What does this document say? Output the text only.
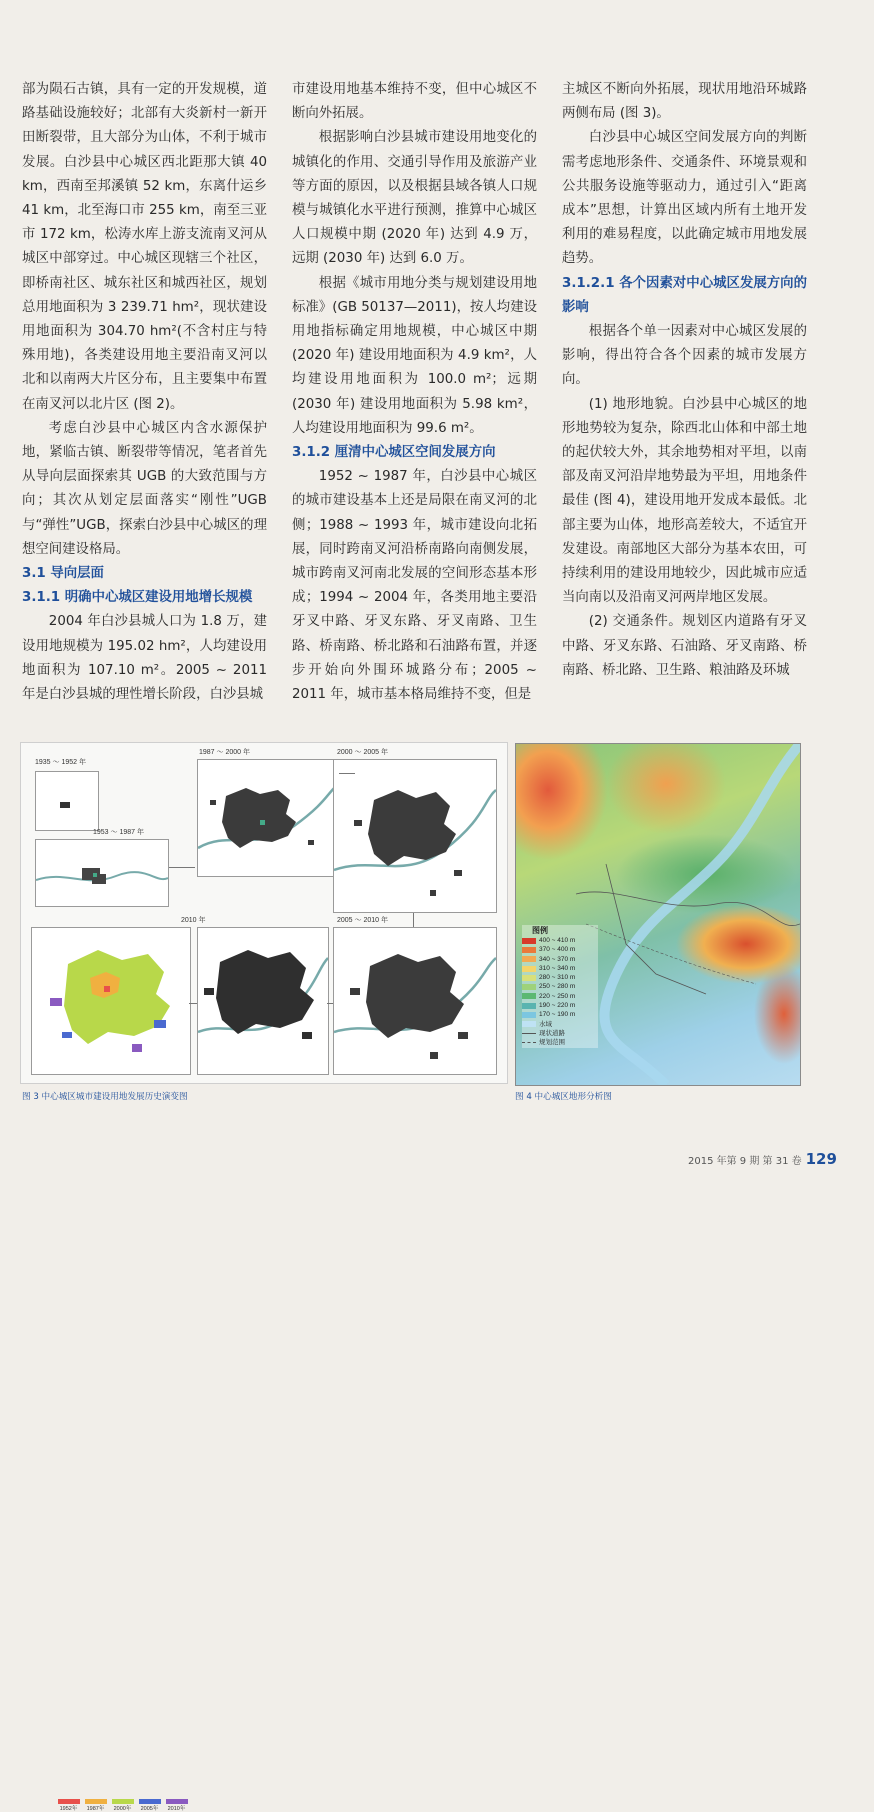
部为陨石古镇，具有一定的开发规模，道路基础设施较好；北部有大炎新村一新开田断裂带，且大部分为山体，不利于城市发展。白沙县中心城区西北距那大镇 40 km，西南至邦溪镇 52 km，东离什运乡 41 km，北至海口市 255 km，南至三亚市 172 km，松涛水库上游支流南叉河从城区中部穿过。中心城区现辖三个社区，即桥南社区、城东社区和城西社区，规划总用地面积为 3 239.71 hm²，现状建设用地面积为 304.70 hm²(不含村庄与特殊用地)，各类建设用地主要沿南叉河以北和以南两大片区分布，且主要集中布置在南叉河以北片区 (图 2)。

考虑白沙县中心城区内含水源保护地，紧临古镇、断裂带等情况，笔者首先从导向层面探索其 UGB 的大致范围与方向；其次从划定层面落实“刚性”UGB 与“弹性”UGB，探索白沙县中心城区的理想空间建设格局。

3.1 导向层面

3.1.1 明确中心城区建设用地增长规模

2004 年白沙县城人口为 1.8 万，建设用地规模为 195.02 hm²，人均建设用地面积为 107.10 m²。2005 ~ 2011 年是白沙县城的理性增长阶段，白沙县城

市建设用地基本维持不变，但中心城区不断向外拓展。

根据影响白沙县城市建设用地变化的城镇化的作用、交通引导作用及旅游产业等方面的原因，以及根据县域各镇人口规模与城镇化水平进行预测，推算中心城区人口规模中期 (2020 年) 达到 4.9 万，远期 (2030 年) 达到 6.0 万。

根据《城市用地分类与规划建设用地标准》(GB 50137—2011)，按人均建设用地指标确定用地规模，中心城区中期 (2020 年) 建设用地面积为 4.9 km²，人均建设用地面积为 100.0 m²；远期 (2030 年) 建设用地面积为 5.98 km²，人均建设用地面积为 99.6 m²。

3.1.2 厘清中心城区空间发展方向

1952 ~ 1987 年，白沙县中心城区的城市建设基本上还是局限在南叉河的北侧；1988 ~ 1993 年，城市建设向北拓展，同时跨南叉河沿桥南路向南侧发展，城市跨南叉河南北发展的空间形态基本形成；1994 ~ 2004 年，各类用地主要沿牙叉中路、牙叉东路、牙叉南路、卫生路、桥南路、桥北路和石油路布置，并逐步开始向外围环城路分布；2005 ~ 2011 年，城市基本格局维持不变，但是

主城区不断向外拓展，现状用地沿环城路两侧布局 (图 3)。

白沙县中心城区空间发展方向的判断需考虑地形条件、交通条件、环境景观和公共服务设施等驱动力，通过引入“距离成本”思想，计算出区域内所有土地开发利用的难易程度，以此确定城市用地发展趋势。

3.1.2.1 各个因素对中心城区发展方向的影响

根据各个单一因素对中心城区发展的影响，得出符合各个因素的城市发展方向。

(1) 地形地貌。白沙县中心城区的地形地势较为复杂，除西北山体和中部土地的起伏较大外，其余地势相对平坦，以南部及南叉河沿岸地势最为平坦，用地条件最佳 (图 4)，建设用地开发成本最低。北部主要为山体，地形高差较大，不适宜开发建设。南部地区大部分为基本农田，可持续利用的建设用地较少，因此城市应适当向南以及沿南叉河两岸地区发展。

(2) 交通条件。规划区内道路有牙叉中路、牙叉东路、石油路、牙叉南路、桥南路、桥北路、卫生路、粮油路及环城

1935 ～ 1952 年
1953 ～ 1987 年
1987 ～ 2000 年	2000 ～ 2005 年
2010 年
1952年 1987年 2000年 2005年 2010年
2005 ～ 2010 年
图 3 中心城区城市建设用地发展历史演变图
图例
400 ~ 410 m
370 ~ 400 m
340 ~ 370 m
310 ~ 340 m
280 ~ 310 m
250 ~ 280 m
220 ~ 250 m
190 ~ 220 m
170 ~ 190 m
水域
现状道路
规划范围
图 4 中心城区地形分析图
2015 年第 9 期 第 31 卷 129
